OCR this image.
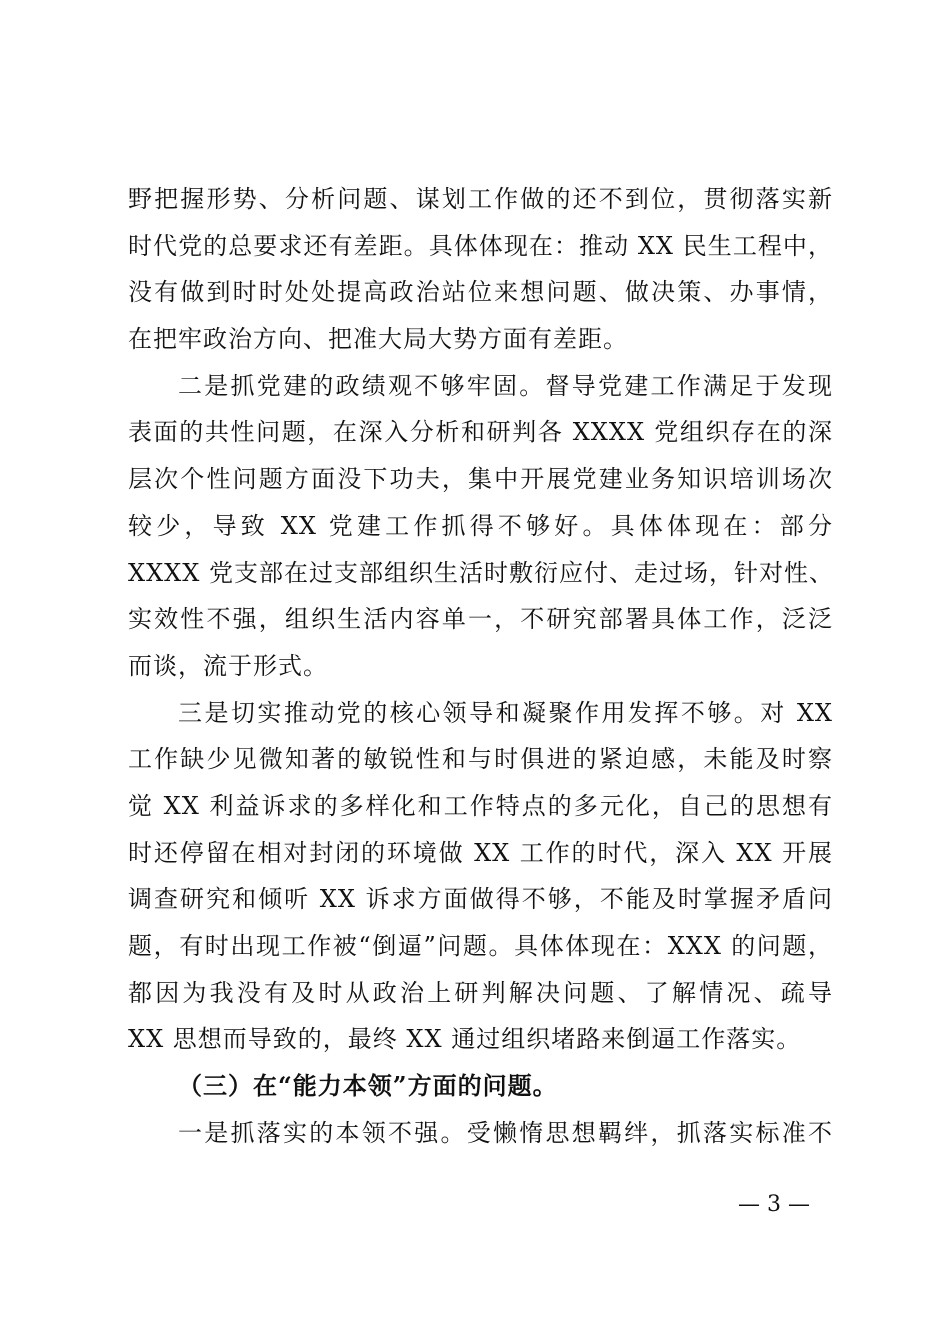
野把握形势、分析问题、谋划工作做的还不到位，贯彻落实新
时代党的总要求还有差距。具体体现在：推动 XX 民生工程中，
没有做到时时处处提高政治站位来想问题、做决策、办事情，
在把牢政治方向、把准大局大势方面有差距。
二是抓党建的政绩观不够牢固。督导党建工作满足于发现
表面的共性问题，在深入分析和研判各 XXXX 党组织存在的深
层次个性问题方面没下功夫，集中开展党建业务知识培训场次
较少，导致 XX 党建工作抓得不够好。具体体现在：部分
XXXX 党支部在过支部组织生活时敷衍应付、走过场，针对性、
实效性不强，组织生活内容单一，不研究部署具体工作，泛泛
而谈，流于形式。
三是切实推动党的核心领导和凝聚作用发挥不够。对 XX
工作缺少见微知著的敏锐性和与时俱进的紧迫感，未能及时察
觉 XX 利益诉求的多样化和工作特点的多元化，自己的思想有
时还停留在相对封闭的环境做 XX 工作的时代，深入 XX 开展
调查研究和倾听 XX 诉求方面做得不够，不能及时掌握矛盾问
题，有时出现工作被“倒逼”问题。具体体现在：XXX 的问题，
都因为我没有及时从政治上研判解决问题、了解情况、疏导
XX 思想而导致的，最终 XX 通过组织堵路来倒逼工作落实。
（三）在“能力本领”方面的问题。
一是抓落实的本领不强。受懒惰思想羁绊，抓落实标准不
— 3 —
